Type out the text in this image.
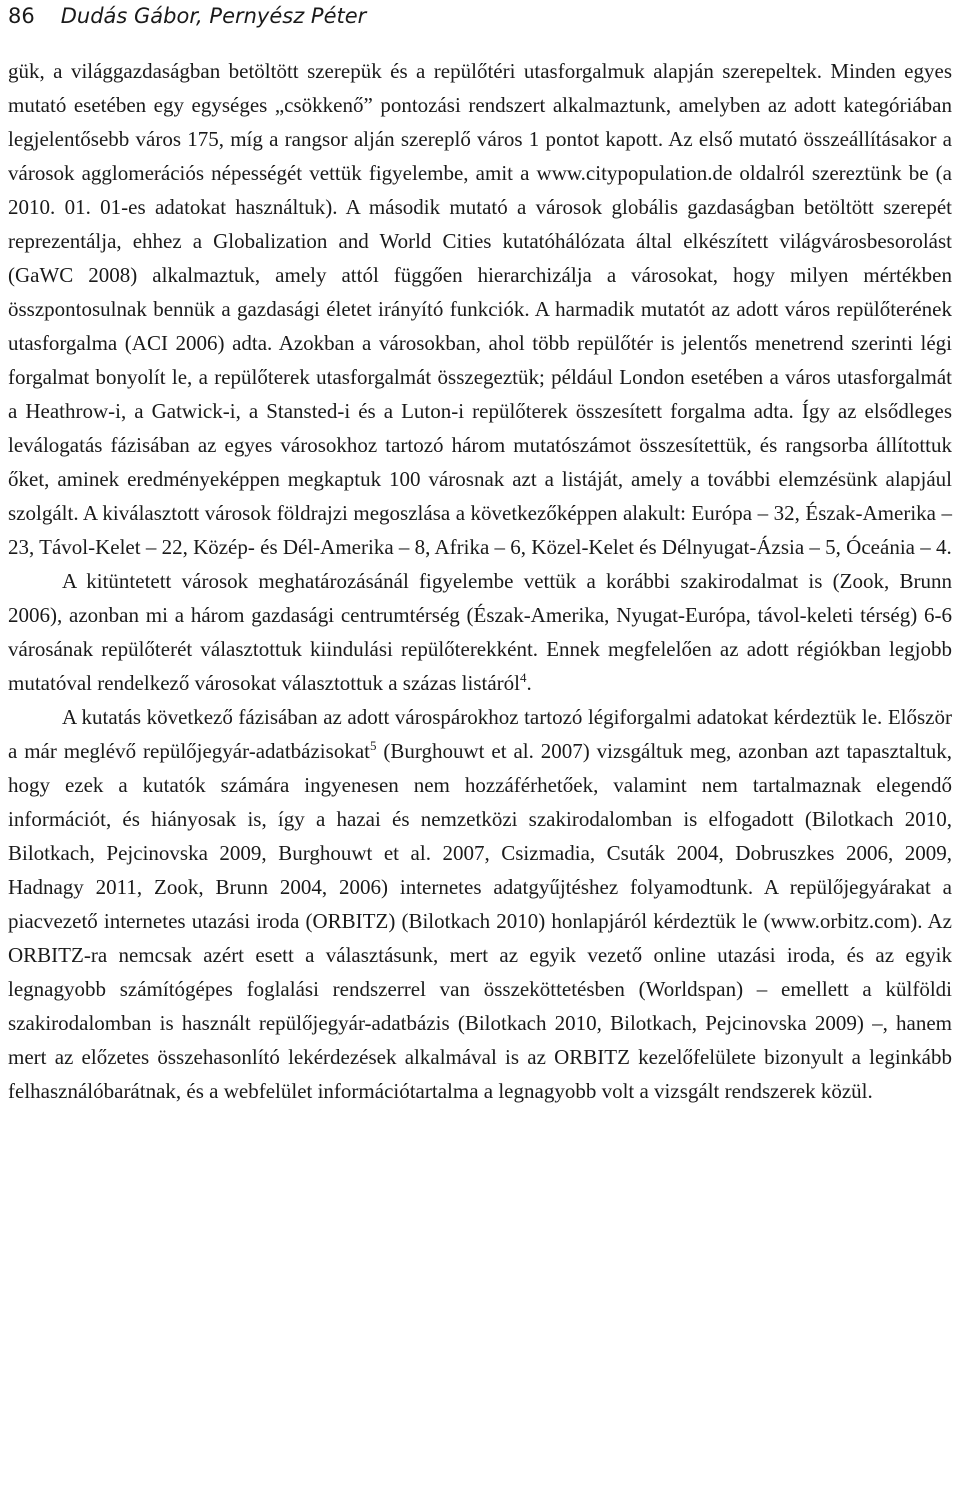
86 Dudás Gábor, Pernyész Péter

gük, a világgazdaságban betöltött szerepük és a repülőtéri utasforgalmuk alapján szerepeltek. Minden egyes mutató esetében egy egységes „csökkenő” pontozási rendszert alkalmaztunk, amelyben az adott kategóriában legjelentősebb város 175, míg a rangsor alján szereplő város 1 pontot kapott. Az első mutató összeállításakor a városok agglomerációs népességét vettük figyelembe, amit a www.citypopulation.de oldalról szereztünk be (a 2010. 01. 01-es adatokat használtuk). A második mutató a városok globális gazdaságban betöltött szerepét reprezentálja, ehhez a Globalization and World Cities kutatóhálózata által elkészített világvárosbesorolást (GaWC 2008) alkalmaztuk, amely attól függően hierarchizálja a városokat, hogy milyen mértékben összpontosulnak bennük a gazdasági életet irányító funkciók. A harmadik mutatót az adott város repülőterének utasforgalma (ACI 2006) adta. Azokban a városokban, ahol több repülőtér is jelentős menetrend szerinti légi forgalmat bonyolít le, a repülőterek utasforgalmát összegeztük; például London esetében a város utasforgalmát a Heathrow-i, a Gatwick-i, a Stansted-i és a Luton-i repülőterek összesített forgalma adta. Így az elsődleges leválogatás fázisában az egyes városokhoz tartozó három mutatószámot összesítettük, és rangsorba állítottuk őket, aminek eredményeképpen megkaptuk 100 városnak azt a listáját, amely a további elemzésünk alapjául szolgált. A kiválasztott városok földrajzi megoszlása a következőképpen alakult: Európa – 32, Észak-Amerika – 23, Távol-Kelet – 22, Közép- és Dél-Amerika – 8, Afrika – 6, Közel-Kelet és Délnyugat-Ázsia – 5, Óceánia – 4.

A kitüntetett városok meghatározásánál figyelembe vettük a korábbi szakirodalmat is (Zook, Brunn 2006), azonban mi a három gazdasági centrumtérség (Észak-Amerika, Nyugat-Európa, távol-keleti térség) 6-6 városának repülőterét választottuk kiindulási repülőterekként. Ennek megfelelően az adott régiókban legjobb mutatóval rendelkező városokat választottuk a százas listáról$^4$.

A kutatás következő fázisában az adott várospárokhoz tartozó légiforgalmi adatokat kérdeztük le. Először a már meglévő repülőjegyár-adatbázisokat$^5$ (Burghouwt et al. 2007) vizsgáltuk meg, azonban azt tapasztaltuk, hogy ezek a kutatók számára ingyenesen nem hozzáférhetőek, valamint nem tartalmaznak elegendő információt, és hiányosak is, így a hazai és nemzetközi szakirodalomban is elfogadott (Bilotkach 2010, Bilotkach, Pejcinovska 2009, Burghouwt et al. 2007, Csizmadia, Csuták 2004, Dobruszkes 2006, 2009, Hadnagy 2011, Zook, Brunn 2004, 2006) internetes adatgyűjtéshez folyamodtunk. A repülőjegyárakat a piacvezető internetes utazási iroda (ORBITZ) (Bilotkach 2010) honlapjáról kérdeztük le (www.orbitz.com). Az ORBITZ-ra nemcsak azért esett a választásunk, mert az egyik vezető online utazási iroda, és az egyik legnagyobb számítógépes foglalási rendszerrel van összeköttetésben (Worldspan) – emellett a külföldi szakirodalomban is használt repülőjegyár-adatbázis (Bilotkach 2010, Bilotkach, Pejcinovska 2009) –, hanem mert az előzetes összehasonlító lekérdezések alkalmával is az ORBITZ kezelőfelülete bizonyult a leginkább felhasználóbarátnak, és a webfelület információtartalma a legnagyobb volt a vizsgált rendszerek közül.
